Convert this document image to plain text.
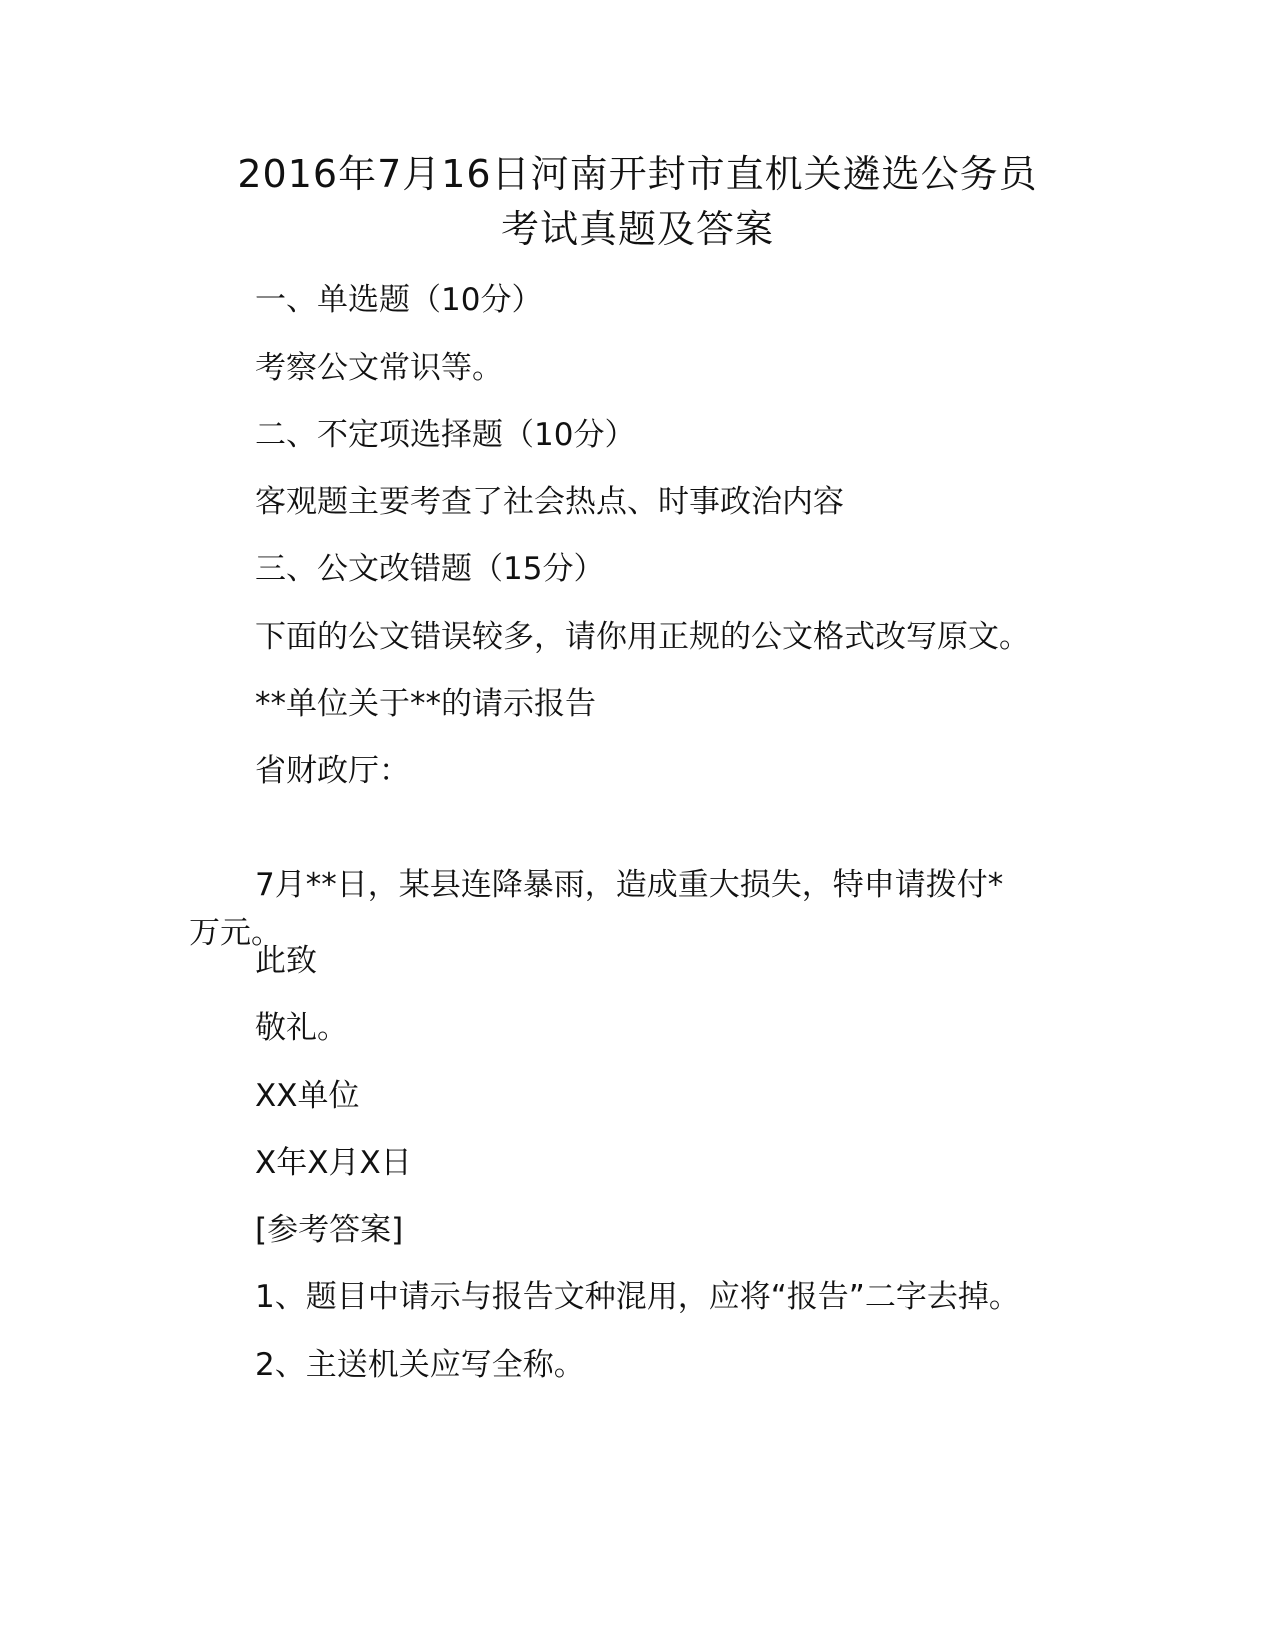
2016年7月16日河南开封市直机关遴选公务员
考试真题及答案

一、单选题（10分）

考察公文常识等。

二、不定项选择题（10分）

客观题主要考查了社会热点、时事政治内容

三、公文改错题（15分）

下面的公文错误较多，请你用正规的公文格式改写原文。

**单位关于**的请示报告

省财政厅：

7月**日，某县连降暴雨，造成重大损失，特申请拨付*
万元。

此致

敬礼。

XX单位

X年X月X日

[参考答案]

1、题目中请示与报告文种混用，应将“报告”二字去掉。

2、主送机关应写全称。
